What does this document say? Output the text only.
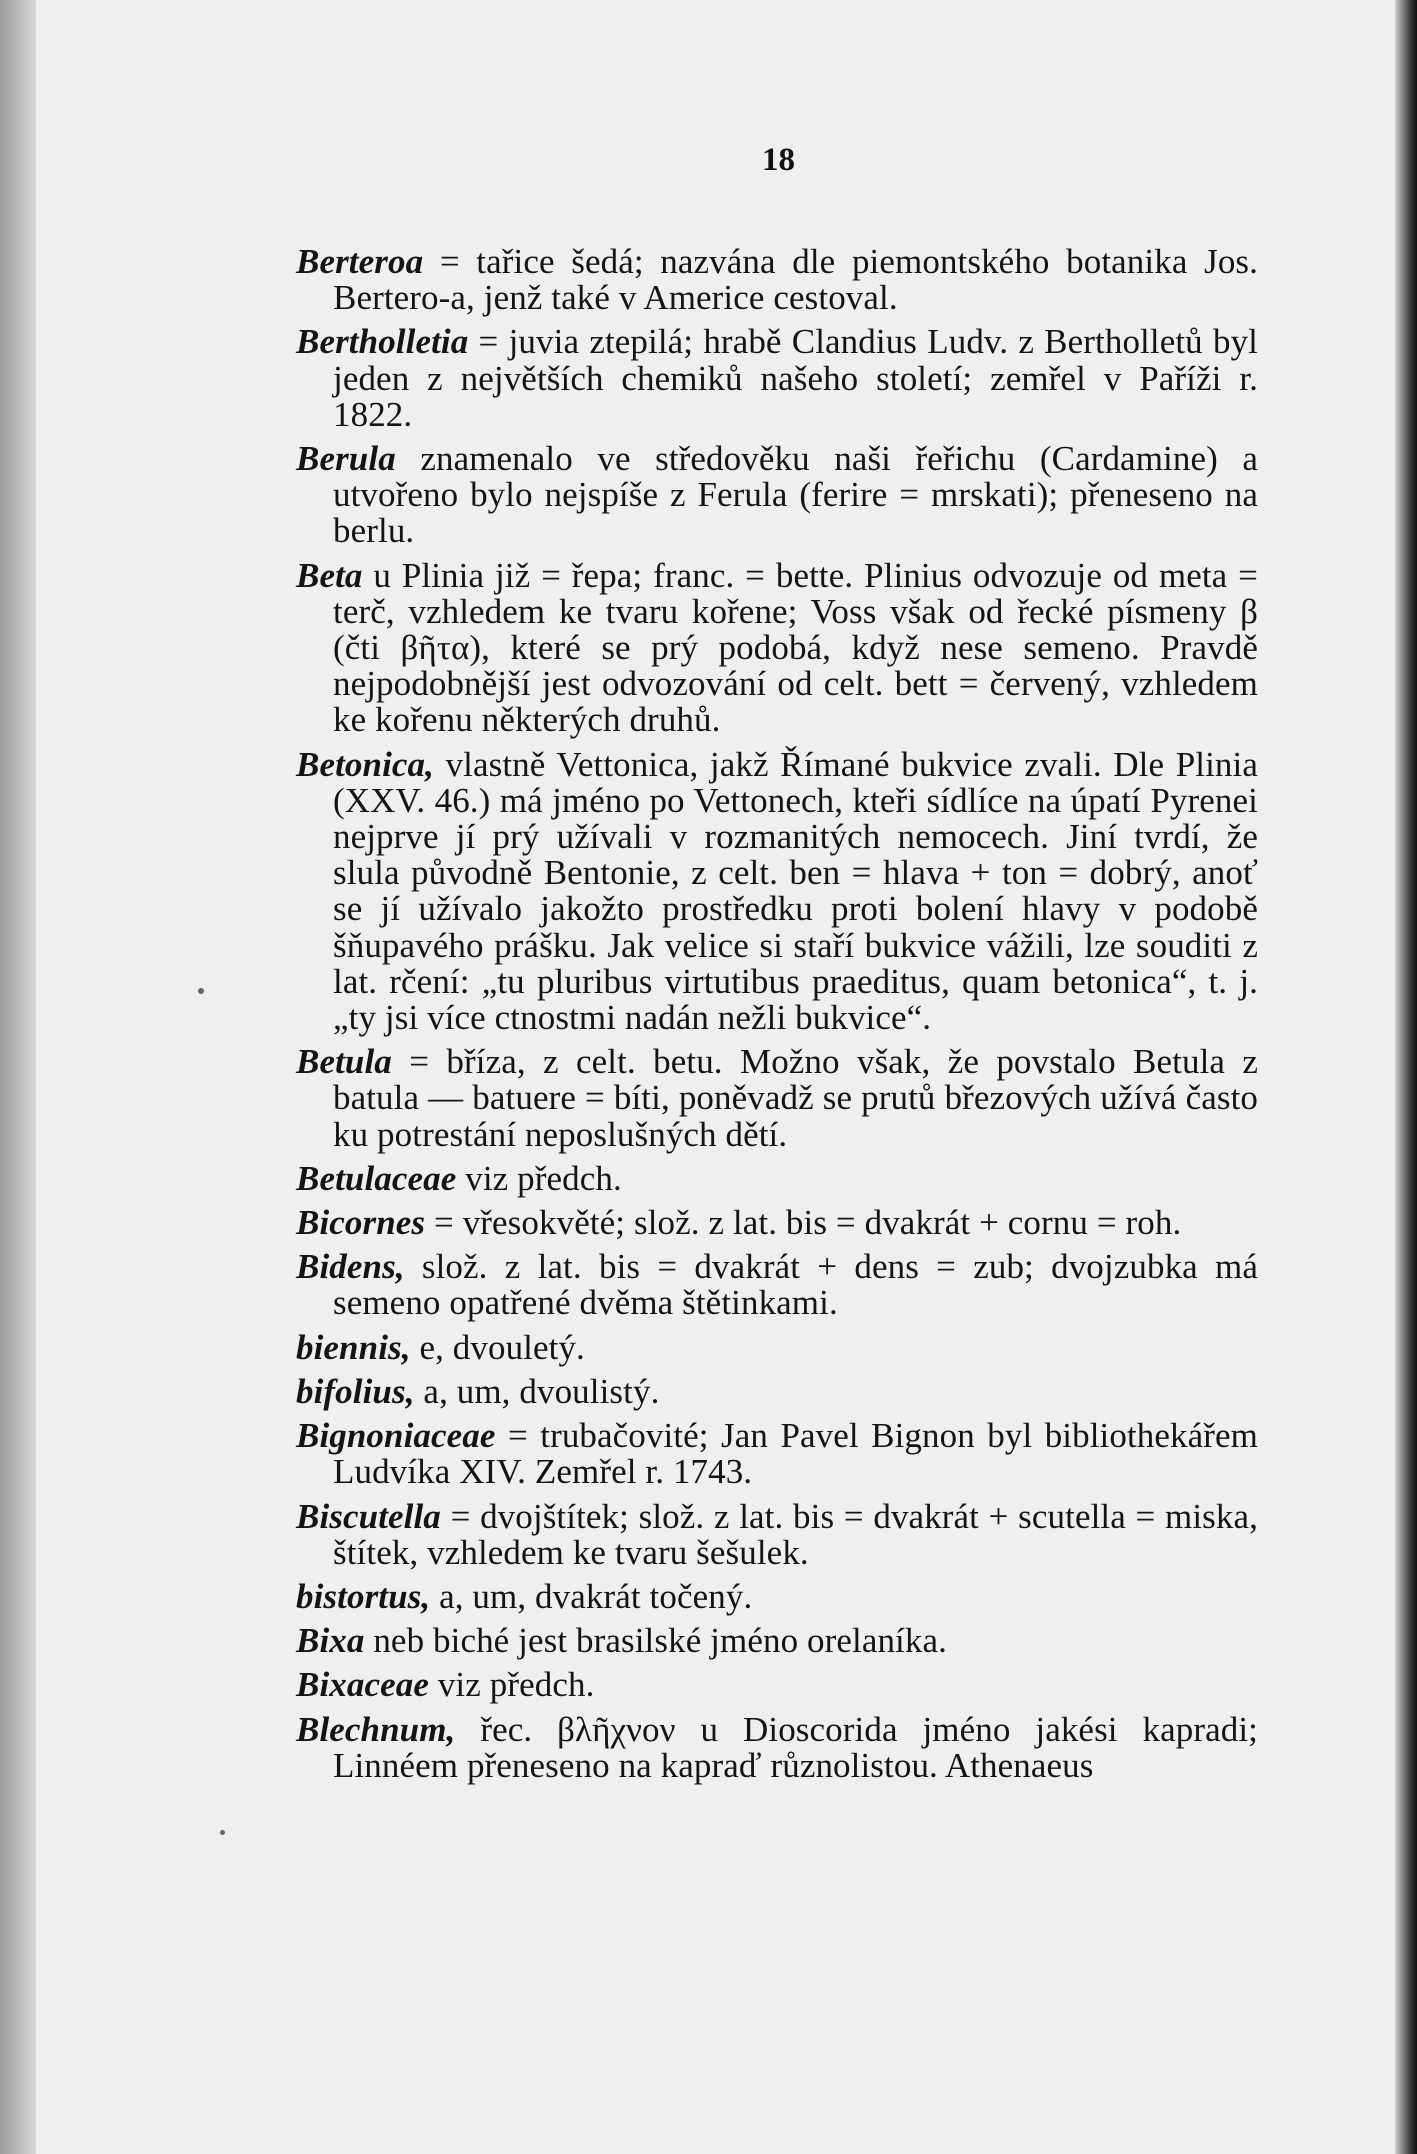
18

Berteroa = tařice šedá; nazvána dle piemontského botanika Jos. Bertero-a, jenž také v Americe cestoval.

Bertholletia = juvia ztepilá; hrabě Clandius Ludv. z Bertholletů byl jeden z největších chemiků našeho století; zemřel v Paříži r. 1822.

Berula znamenalo ve středověku naši řeřichu (Cardamine) a utvořeno bylo nejspíše z Ferula (ferire = mrskati); přeneseno na berlu.

Beta u Plinia již = řepa; franc. = bette. Plinius odvozuje od meta = terč, vzhledem ke tvaru kořene; Voss však od řecké písmeny β (čti βῆτα), které se prý podobá, když nese semeno. Pravdě nejpodobnější jest odvozování od celt. bett = červený, vzhledem ke kořenu některých druhů.

Betonica, vlastně Vettonica, jakž Římané bukvice zvali. Dle Plinia (XXV. 46.) má jméno po Vettonech, kteři sídlíce na úpatí Pyrenei nejprve jí prý užívali v rozmanitých nemocech. Jiní tvrdí, že slula původně Bentonie, z celt. ben = hlava + ton = dobrý, anoť se jí užívalo jakožto prostředku proti bolení hlavy v podobě šňupavého prášku. Jak velice si staří bukvice vážili, lze souditi z lat. rčení: „tu pluribus virtutibus praeditus, quam betonica“, t. j. „ty jsi více ctnostmi nadán nežli bukvice“.

Betula = bříza, z celt. betu. Možno však, že povstalo Betula z batula — batuere = bíti, poněvadž se prutů březových užívá často ku potrestání neposlušných dětí.

Betulaceae viz předch.

Bicornes = vřesokvěté; slož. z lat. bis = dvakrát + cornu = roh.

Bidens, slož. z lat. bis = dvakrát + dens = zub; dvojzubka má semeno opatřené dvěma štětinkami.

biennis, e, dvouletý.

bifolius, a, um, dvoulistý.

Bignoniaceae = trubačovité; Jan Pavel Bignon byl bibliothekářem Ludvíka XIV. Zemřel r. 1743.

Biscutella = dvojštítek; slož. z lat. bis = dvakrát + scutella = miska, štítek, vzhledem ke tvaru šešulek.

bistortus, a, um, dvakrát točený.

Bixa neb biché jest brasilské jméno orelaníka.

Bixaceae viz předch.

Blechnum, řec. βλῆχνον u Dioscorida jméno jakési kapradi; Linnéem přeneseno na kapraď různolistou. Athenaeus
